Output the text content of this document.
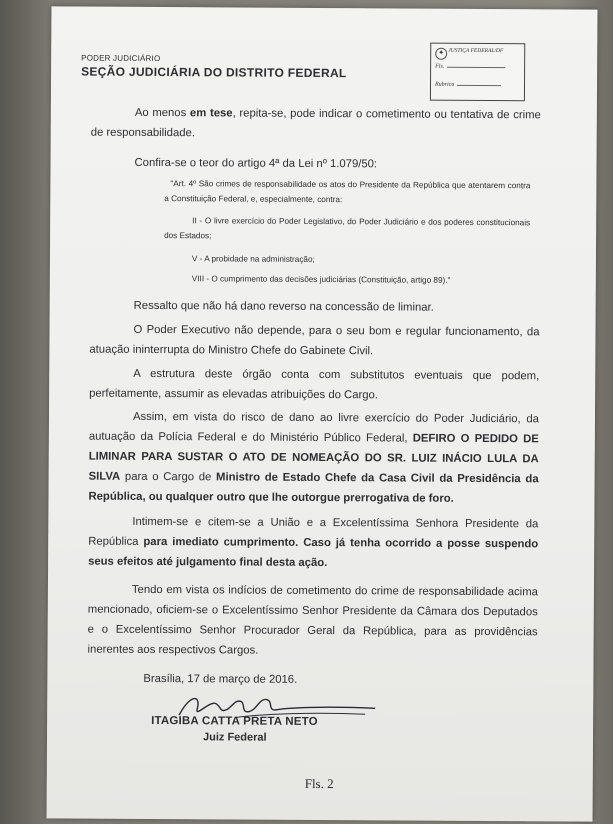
PODER JUDICIÁRIO
SEÇÃO JUDICIÁRIA DO DISTRITO FEDERAL
✦ JUSTIÇA FEDERAL/DF
Fls.
Rubrica
Ao menos em tese, repita-se, pode indicar o cometimento ou tentativa de crime de responsabilidade.
Confira-se o teor do artigo 4ª da Lei nº 1.079/50:
"Art. 4º São crimes de responsabilidade os atos do Presidente da República que atentarem contra a Constituição Federal, e, especialmente, contra:
II - O livre exercício do Poder Legislativo, do Poder Judiciário e dos poderes constitucionais dos Estados;
V - A probidade na administração;
VIII - O cumprimento das decisões judiciárias (Constituição, artigo 89)."
Ressalto que não há dano reverso na concessão de liminar.
O Poder Executivo não depende, para o seu bom e regular funcionamento, da atuação ininterrupta do Ministro Chefe do Gabinete Civil.
A estrutura deste órgão conta com substitutos eventuais que podem, perfeitamente, assumir as elevadas atribuições do Cargo.
Assim, em vista do risco de dano ao livre exercício do Poder Judiciário, da autuação da Polícia Federal e do Ministério Público Federal, DEFIRO O PEDIDO DE LIMINAR PARA SUSTAR O ATO DE NOMEAÇÃO DO SR. LUIZ INÁCIO LULA DA SILVA para o Cargo de Ministro de Estado Chefe da Casa Civil da Presidência da República, ou qualquer outro que lhe outorgue prerrogativa de foro.
Intimem-se e citem-se a União e a Excelentíssima Senhora Presidente da República para imediato cumprimento. Caso já tenha ocorrido a posse suspendo seus efeitos até julgamento final desta ação.
Tendo em vista os indícios de cometimento do crime de responsabilidade acima mencionado, oficiem-se o Excelentíssimo Senhor Presidente da Câmara dos Deputados e o Excelentíssimo Senhor Procurador Geral da República, para as providências inerentes aos respectivos Cargos.
Brasília, 17 de março de 2016.
ITAGIBA CATTA PRETA NETO
Juiz Federal
Fls. 2
